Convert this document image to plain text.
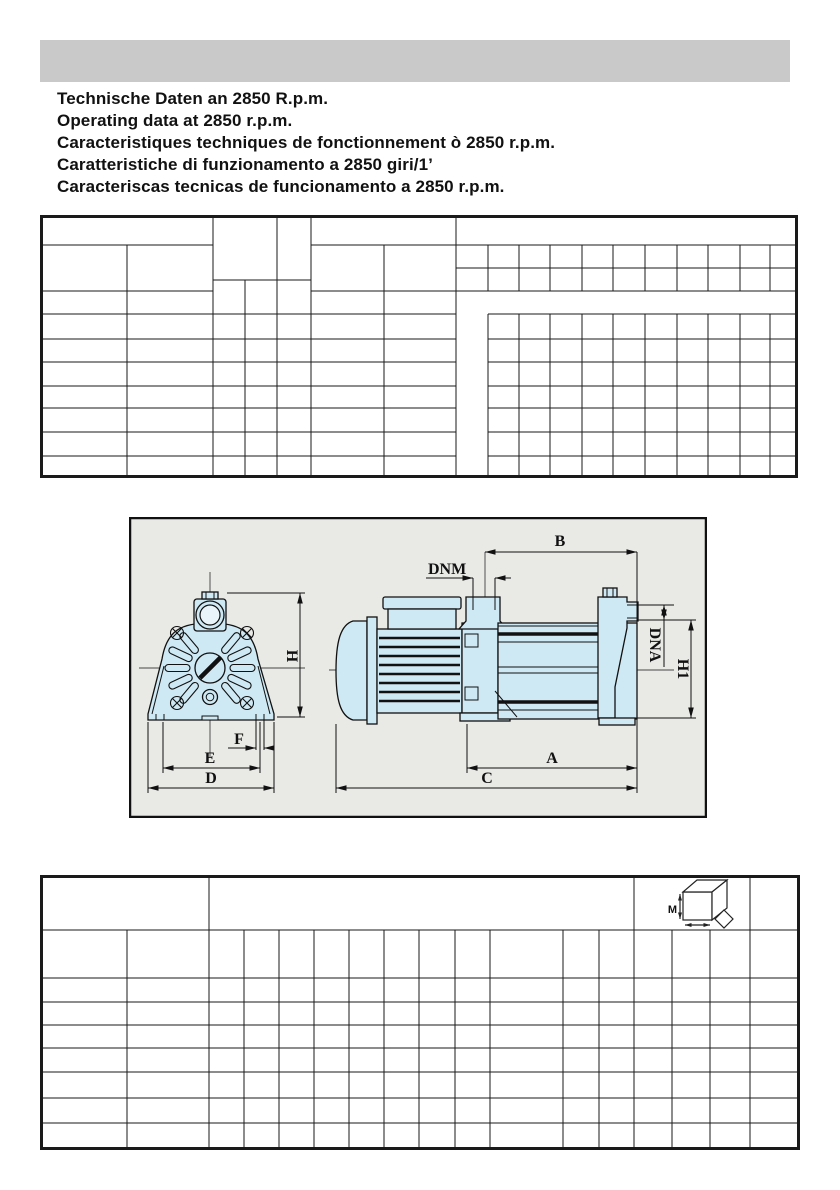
Technische Daten an 2850 R.p.m.
Operating data at 2850 r.p.m.
Caracteristiques techniques de fonctionnement ò 2850 r.p.m.
Caratteristiche di funzionamento a 2850 giri/1’
Caracteriscas tecnicas de funcionamento a 2850 r.p.m.
H
F
E
D
B
DNM
DNA
H1
A
C
M
